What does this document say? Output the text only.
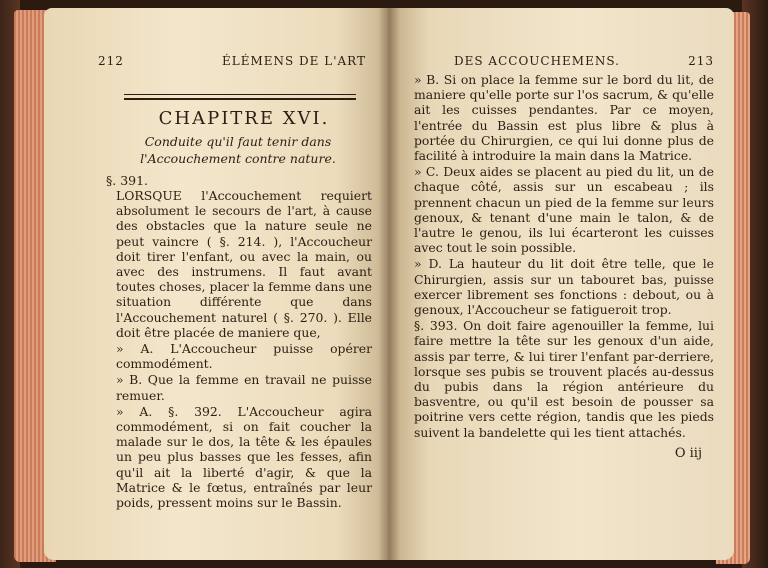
212	ÉLÉMENS DE L'ART
CHAPITRE XVI.
Conduite qu'il faut tenir dans l'Accouchement contre nature.
§. 391.

LORSQUE l'Accouchement requiert absolument le secours de l'art, à cause des obstacles que la nature seule ne peut vaincre ( §. 214. ), l'Accoucheur doit tirer l'enfant, ou avec la main, ou avec des instrumens. Il faut avant toutes choses, placer la femme dans une situation différente que dans l'Accouchement naturel ( §. 270. ). Elle doit être placée de maniere que,

» A. L'Accoucheur puisse opérer commodément.

» B. Que la femme en travail ne puisse remuer.

» A. §. 392. L'Accoucheur agira commodément, si on fait coucher la malade sur le dos, la tête & les épaules un peu plus basses que les fesses, afin qu'il ait la liberté d'agir, & que la Matrice & le fœtus, entraînés par leur poids, pressent moins sur le Bassin.

DES ACCOUCHEMENS.	213

» B. Si on place la femme sur le bord du lit, de maniere qu'elle porte sur l'os sacrum, & qu'elle ait les cuisses pendantes. Par ce moyen, l'entrée du Bassin est plus libre & plus à portée du Chirurgien, ce qui lui donne plus de facilité à introduire la main dans la Matrice.

» C. Deux aides se placent au pied du lit, un de chaque côté, assis sur un escabeau ; ils prennent chacun un pied de la femme sur leurs genoux, & tenant d'une main le talon, & de l'autre le genou, ils lui écarteront les cuisses avec tout le soin possible.

» D. La hauteur du lit doit être telle, que le Chirurgien, assis sur un tabouret bas, puisse exercer librement ses fonctions : debout, ou à genoux, l'Accoucheur se fatigueroit trop.

§. 393. On doit faire agenouiller la femme, lui faire mettre la tête sur les genoux d'un aide, assis par terre, & lui tirer l'enfant par-derriere, lorsque ses pubis se trouvent placés au-dessus du pubis dans la région antérieure du basventre, ou qu'il est besoin de pousser sa poitrine vers cette région, tandis que les pieds suivent la bandelette qui les tient attachés.

O iij
